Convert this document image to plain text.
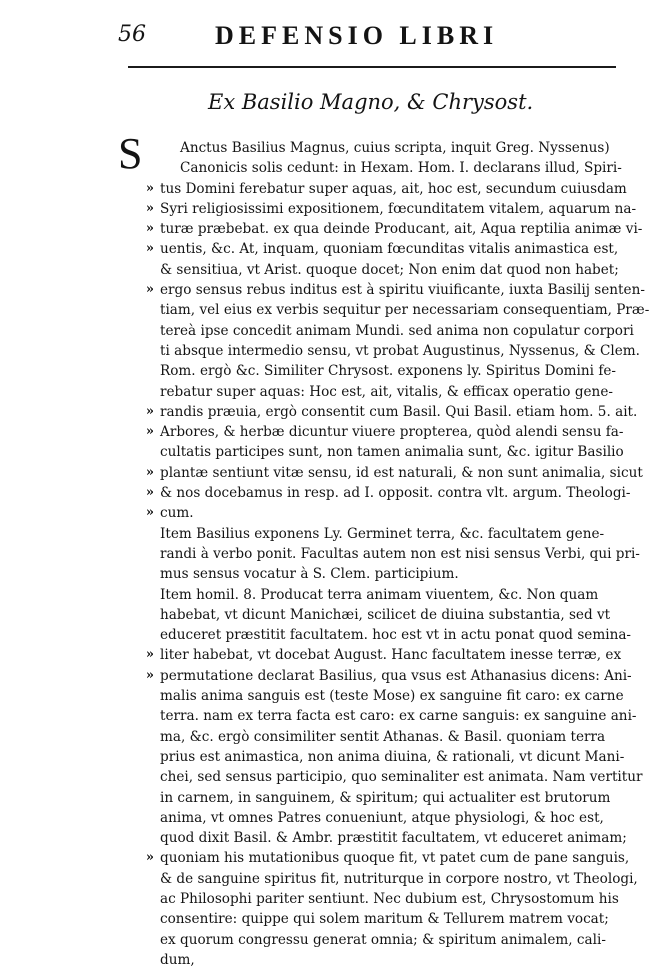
56	DEFENSIO LIBRI
Ex Basilio Magno, & Chrysost.
S	Anctus Basilius Magnus, cuius scripta, inquit Greg. Nyssenus)
Canonicis solis cedunt: in Hexam. Hom. I. declarans illud, Spiri-
» tus Domini ferebatur super aquas, ait, hoc est, secundum cuiusdam
» Syri religiosissimi expositionem, fœcunditatem vitalem, aquarum na-
» turæ præbebat. ex qua deinde Producant, ait, Aqua reptilia animæ vi-
» uentis, &c. At, inquam, quoniam fœcunditas vitalis animastica est,
& sensitiua, vt Arist. quoque docet; Non enim dat quod non habet;
» ergo sensus rebus inditus est à spiritu viuificante, iuxta Basilij senten-
tiam, vel eius ex verbis sequitur per necessariam consequentiam, Præ-
tereà ipse concedit animam Mundi. sed anima non copulatur corpori
ti absque intermedio sensu, vt probat Augustinus, Nyssenus, & Clem.
Rom. ergò &c. Similiter Chrysost. exponens ly. Spiritus Domini fe-
rebatur super aquas: Hoc est, ait, vitalis, & efficax operatio gene-
» randis præuia, ergò consentit cum Basil. Qui Basil. etiam hom. 5. ait.
» Arbores, & herbæ dicuntur viuere propterea, quòd alendi sensu fa-
cultatis participes sunt, non tamen animalia sunt, &c. igitur Basilio
» plantæ sentiunt vitæ sensu, id est naturali, & non sunt animalia, sicut
» & nos docebamus in resp. ad I. opposit. contra vlt. argum. Theologi-
» cum.
Item Basilius exponens Ly. Germinet terra, &c. facultatem gene-
randi à verbo ponit. Facultas autem non est nisi sensus Verbi, qui pri-
mus sensus vocatur à S. Clem. participium.
Item homil. 8. Producat terra animam viuentem, &c. Non quam
habebat, vt dicunt Manichæi, scilicet de diuina substantia, sed vt
educeret præstitit facultatem. hoc est vt in actu ponat quod semina-
» liter habebat, vt docebat August. Hanc facultatem inesse terræ, ex
» permutatione declarat Basilius, qua vsus est Athanasius dicens: Ani-
malis anima sanguis est (teste Mose) ex sanguine fit caro: ex carne
terra. nam ex terra facta est caro: ex carne sanguis: ex sanguine ani-
ma, &c. ergò consimiliter sentit Athanas. & Basil. quoniam terra
prius est animastica, non anima diuina, & rationali, vt dicunt Mani-
chei, sed sensus participio, quo seminaliter est animata. Nam vertitur
in carnem, in sanguinem, & spiritum; qui actualiter est brutorum
anima, vt omnes Patres conueniunt, atque physiologi, & hoc est,
quod dixit Basil. & Ambr. præstitit facultatem, vt educeret animam;
» quoniam his mutationibus quoque fit, vt patet cum de pane sanguis,
& de sanguine spiritus fit, nutriturque in corpore nostro, vt Theologi,
ac Philosophi pariter sentiunt. Nec dubium est, Chrysostomum his
consentire: quippe qui solem maritum & Tellurem matrem vocat;
ex quorum congressu generat omnia; & spiritum animalem, cali-
dum,
